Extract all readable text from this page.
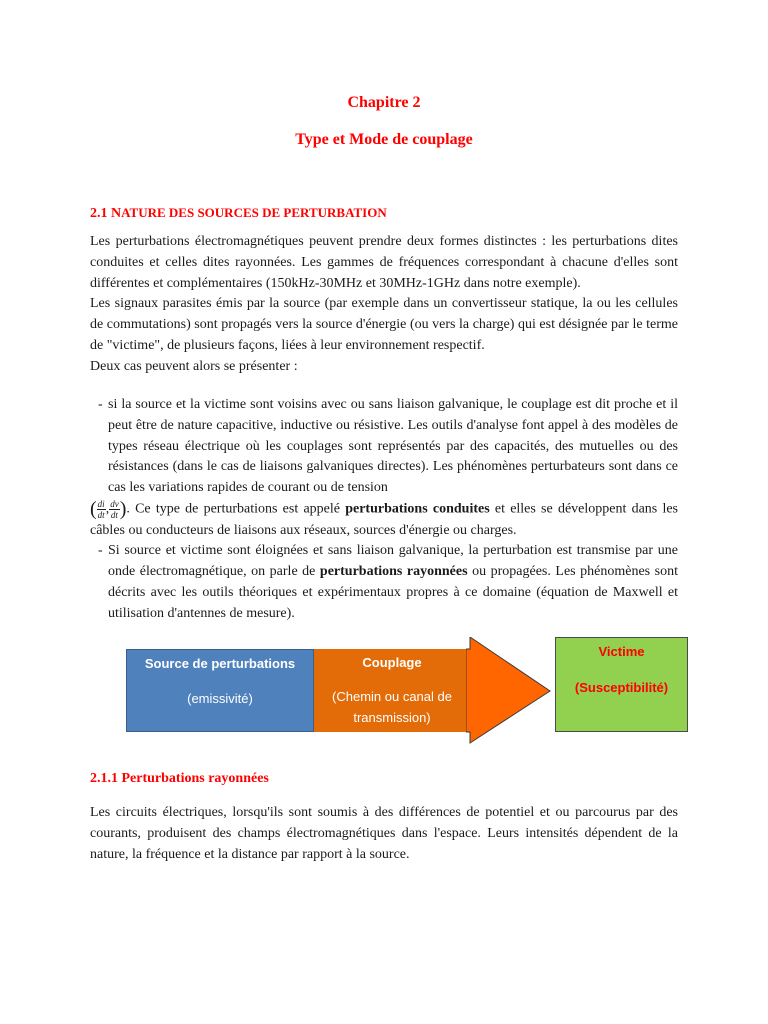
Chapitre 2
Type et Mode de couplage
2.1 NATURE DES SOURCES DE PERTURBATION

Les perturbations électromagnétiques peuvent prendre deux formes distinctes : les perturbations dites conduites et celles dites rayonnées. Les gammes de fréquences correspondant à chacune d'elles sont différentes et complémentaires (150kHz-30MHz et 30MHz-1GHz dans notre exemple).

Les signaux parasites émis par la source (par exemple dans un convertisseur statique, la ou les cellules de commutations) sont propagés vers la source d'énergie (ou vers la charge) qui est désignée par le terme de "victime", de plusieurs façons, liées à leur environnement respectif.

Deux cas peuvent alors se présenter :

- si la source et la victime sont voisins avec ou sans liaison galvanique, le couplage est dit proche et il peut être de nature capacitive, inductive ou résistive. Les outils d'analyse font appel à des modèles de types réseau électrique où les couplages sont représentés par des capacités, des mutuelles ou des résistances (dans le cas de liaisons galvaniques directes). Les phénomènes perturbateurs sont dans ce cas les variations rapides de courant ou de tension
( $\frac{di}{dt}$ , $\frac{dv}{dt}$ ). Ce type de perturbations est appelé perturbations conduites et elles se développent dans les câbles ou conducteurs de liaisons aux réseaux, sources d'énergie ou charges.
- Si source et victime sont éloignées et sans liaison galvanique, la perturbation est transmise par une onde électromagnétique, on parle de perturbations rayonnées ou propagées. Les phénomènes sont décrits avec les outils théoriques et expérimentaux propres à ce domaine (équation de Maxwell et utilisation d'antennes de mesure).
Source de perturbations
(emissivité)
Couplage
(Chemin ou canal de
transmission)
Victime
(Susceptibilité)
2.1.1 Perturbations rayonnées
Les circuits électriques, lorsqu'ils sont soumis à des différences de potentiel et ou parcourus par des courants, produisent des champs électromagnétiques dans l'espace. Leurs intensités dépendent de la nature, la fréquence et la distance par rapport à la source.
